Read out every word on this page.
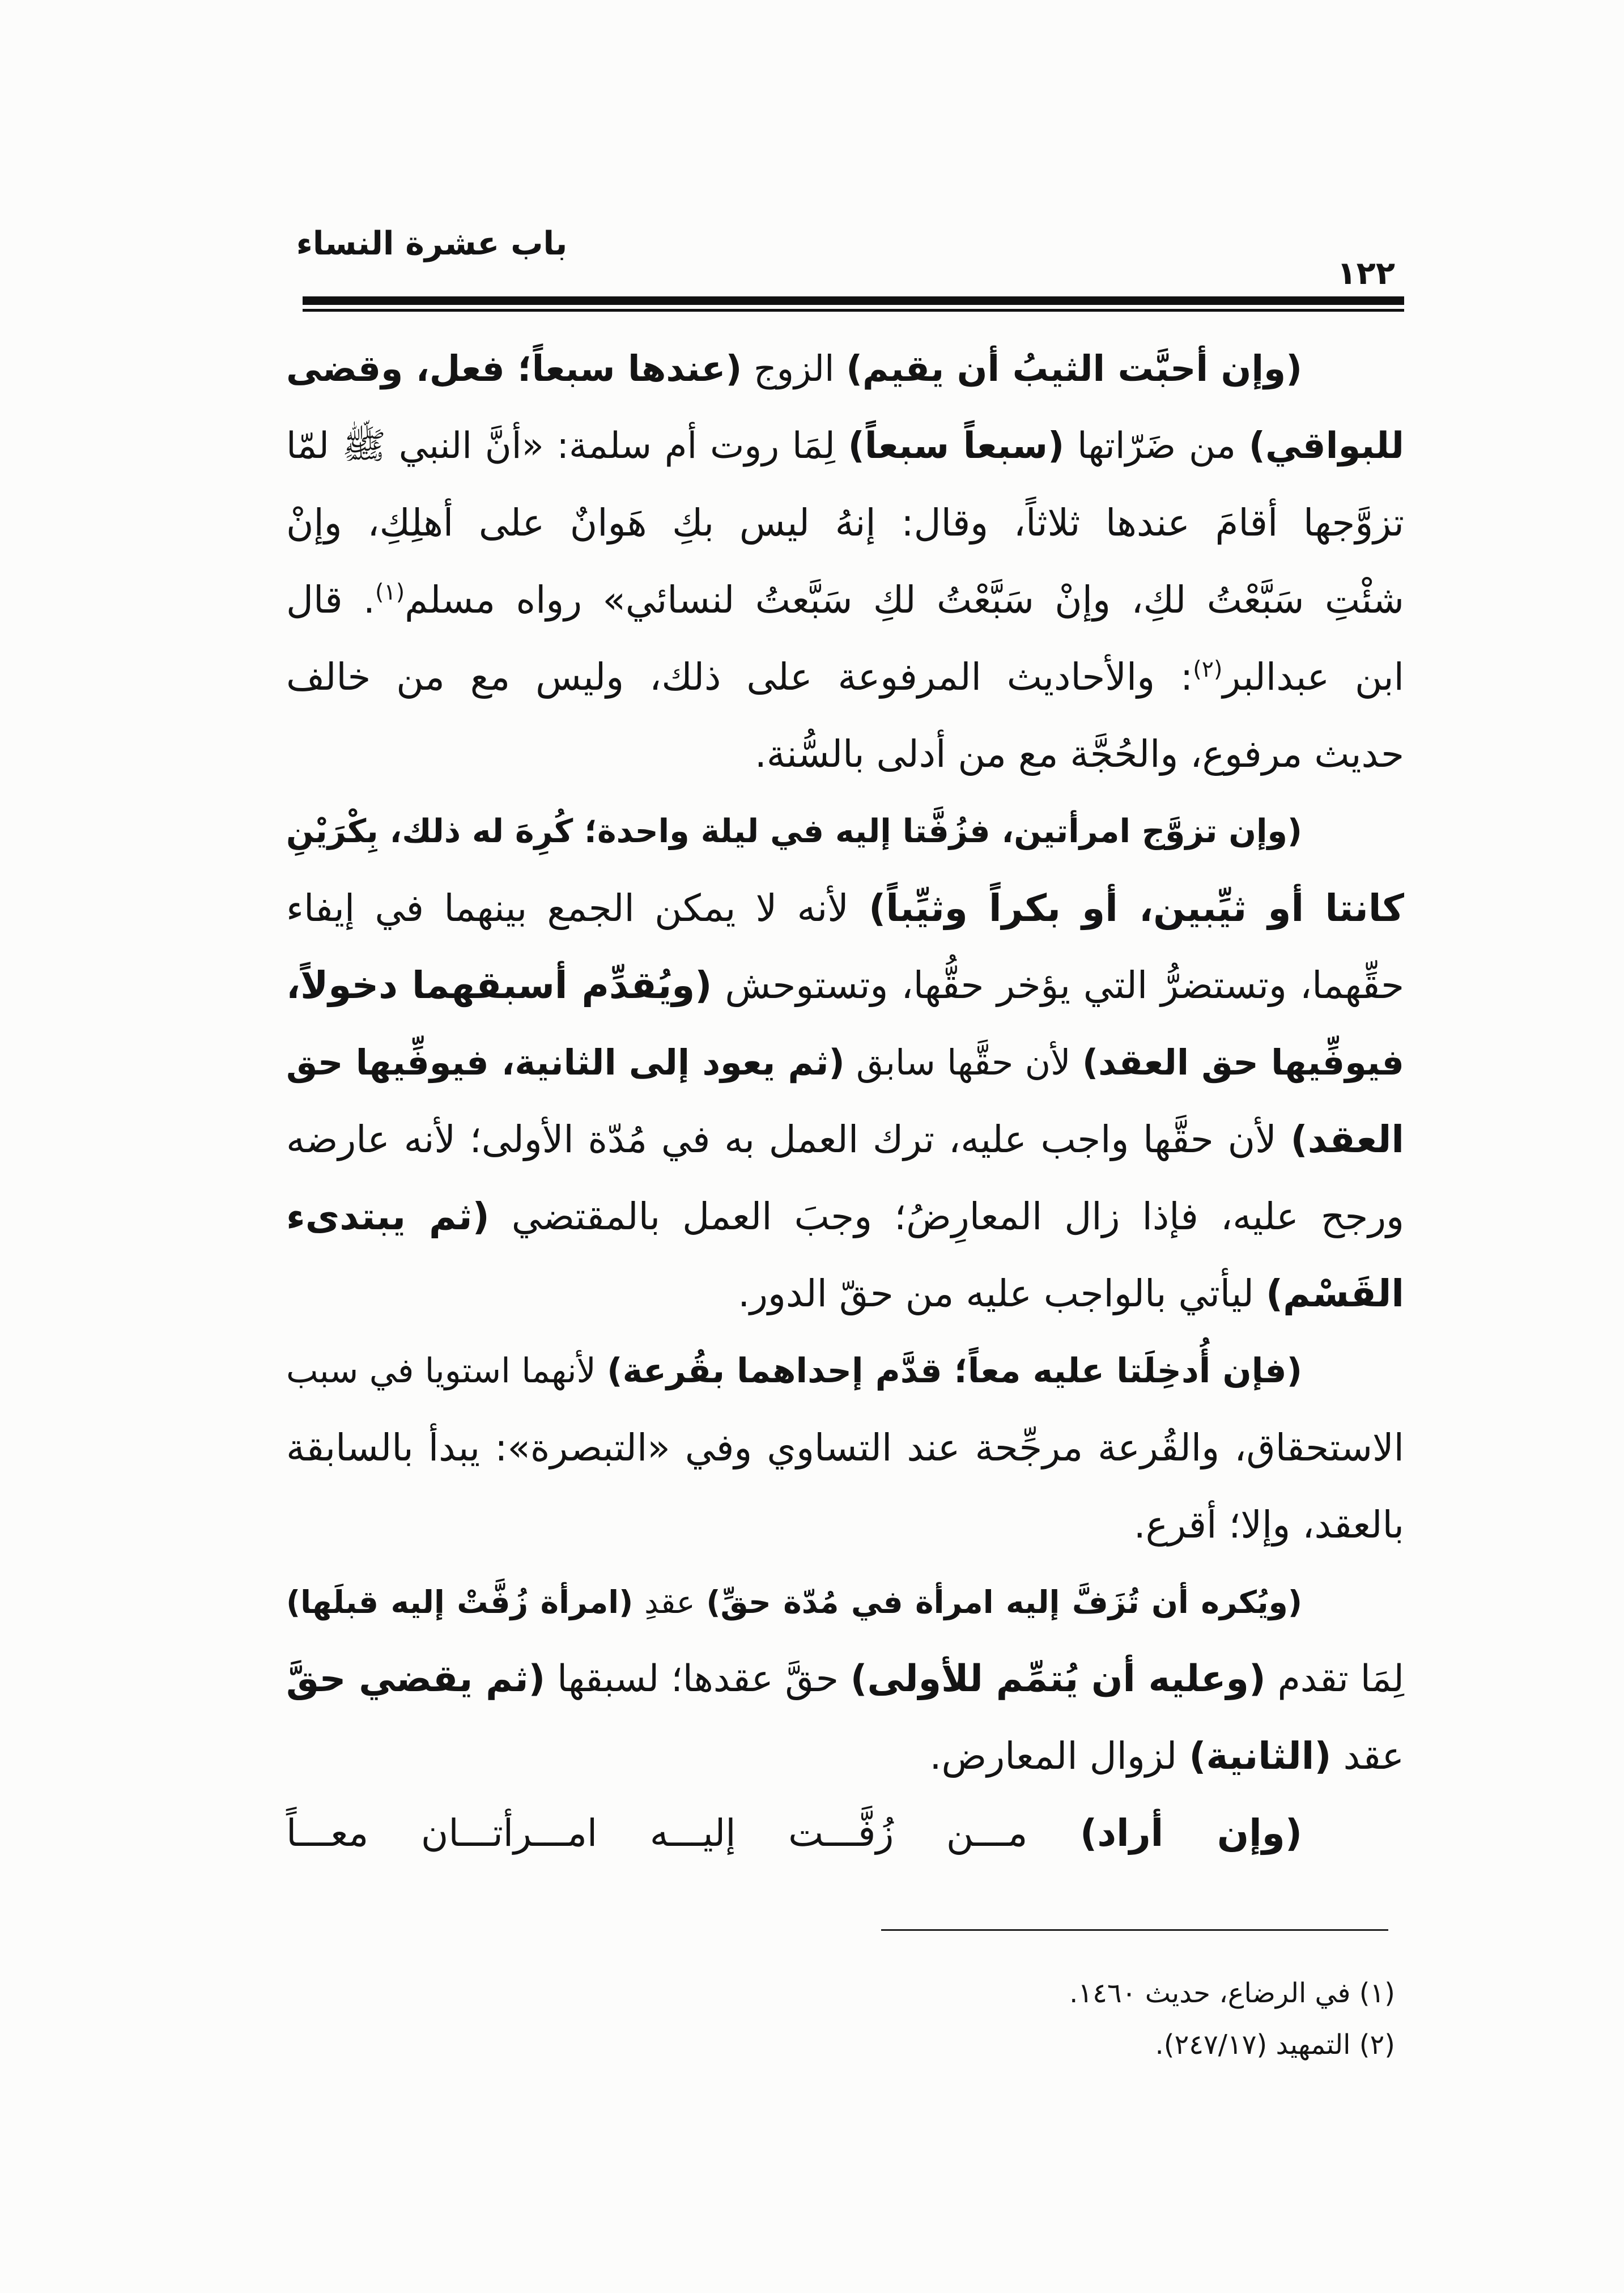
باب عشرة النساء
١٢٢
(وإن أحبَّت الثيبُ أن يقيم) الزوج (عندها سبعاً؛ فعل، وقضى
للبواقي) من ضَرّاتها (سبعاً سبعاً) لِمَا روت أم سلمة: «أنَّ النبي ﷺ لمّا
تزوَّجها أقامَ عندها ثلاثاً، وقال: إنهُ ليس بكِ هَوانٌ على أهلِكِ، وإنْ
شئْتِ سَبَّعْتُ لكِ، وإنْ سَبَّعْتُ لكِ سَبَّعتُ لنسائي» رواه مسلم$^{(١)}$. قال
ابن عبدالبر$^{(٢)}$: والأحاديث المرفوعة على ذلك، وليس مع من خالف
حديث مرفوع، والحُجَّة مع من أدلى بالسُّنة.
(وإن تزوَّج امرأتين، فزُفَّتا إليه في ليلة واحدة؛ كُرِهَ له ذلك، بِكْرَيْنِ
كانتا أو ثيِّبين، أو بكراً وثيِّباً) لأنه لا يمكن الجمع بينهما في إيفاء
حقِّهما، وتستضرُّ التي يؤخر حقُّها، وتستوحش (ويُقدِّم أسبقهما دخولاً،
فيوفِّيها حق العقد) لأن حقَّها سابق (ثم يعود إلى الثانية، فيوفِّيها حق
العقد) لأن حقَّها واجب عليه، ترك العمل به في مُدّة الأولى؛ لأنه عارضه
ورجح عليه، فإذا زال المعارِضُ؛ وجبَ العمل بالمقتضي (ثم يبتدىء
القَسْم) ليأتي بالواجب عليه من حقّ الدور.
(فإن أُدخِلَتا عليه معاً؛ قدَّم إحداهما بقُرعة) لأنهما استويا في سبب
الاستحقاق، والقُرعة مرجِّحة عند التساوي وفي «التبصرة»: يبدأ بالسابقة
بالعقد، وإلا؛ أقرع.
(ويُكره أن تُزَفَّ إليه امرأة في مُدّة حقِّ) عقدِ (امرأة زُفَّتْ إليه قبلَها)
لِمَا تقدم (وعليه أن يُتمِّم للأولى) حقَّ عقدها؛ لسبقها (ثم يقضي حقَّ
عقد (الثانية) لزوال المعارض.
(وإن أراد) مـــن زُفَّـــت إليـــه امـــرأتـــان معـــاً
(١) في الرضاع، حديث ١٤٦٠.
(٢) التمهيد (٢٤٧/١٧).
